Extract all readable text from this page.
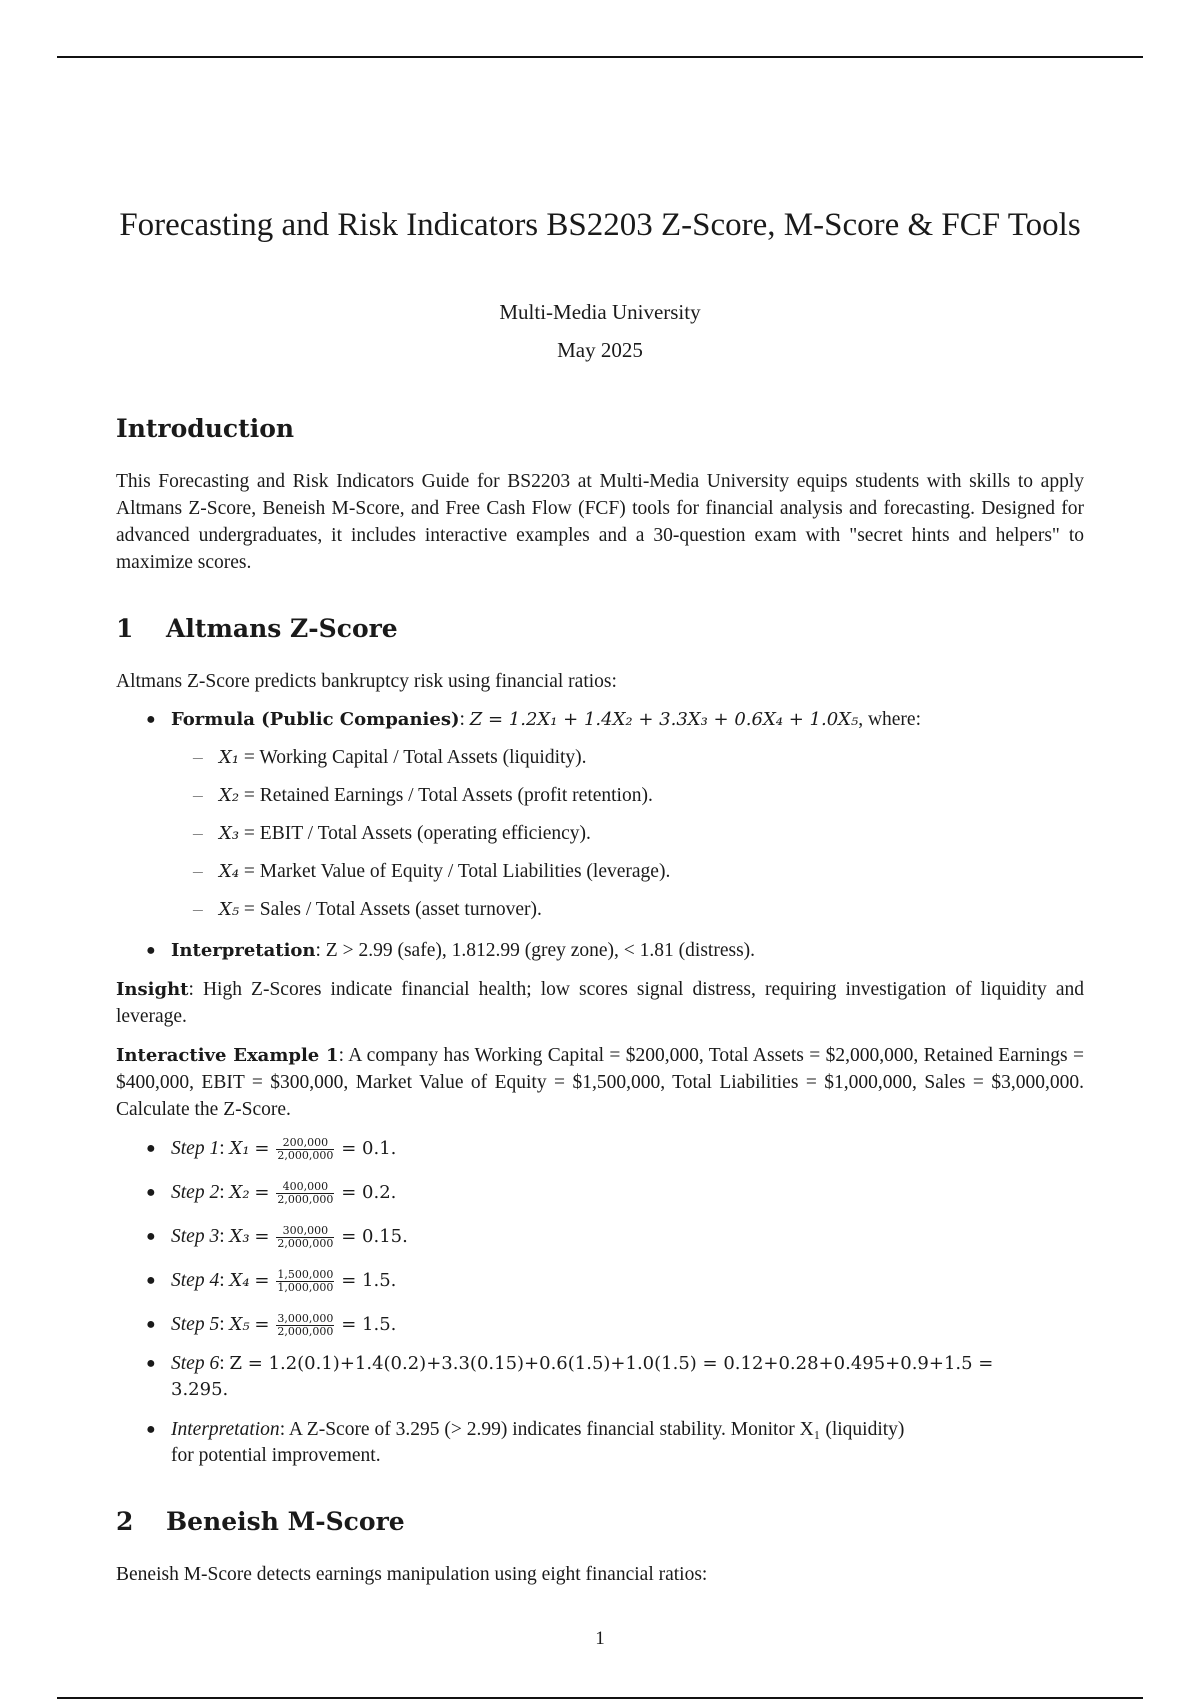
Forecasting and Risk Indicators BS2203 Z-Score, M-Score & FCF Tools
Multi-Media University
May 2025
Introduction

This Forecasting and Risk Indicators Guide for BS2203 at Multi-Media University equips students with skills to apply Altmans Z-Score, Beneish M-Score, and Free Cash Flow (FCF) tools for financial analysis and forecasting. Designed for advanced undergraduates, it includes interactive examples and a 30-question exam with "secret hints and helpers" to maximize scores.

1 Altmans Z-Score

Altmans Z-Score predicts bankruptcy risk using financial ratios:

● Formula (Public Companies): Z = 1.2X₁ + 1.4X₂ + 3.3X₃ + 0.6X₄ + 1.0X₅, where:
– X₁ = Working Capital / Total Assets (liquidity).
– X₂ = Retained Earnings / Total Assets (profit retention).
– X₃ = EBIT / Total Assets (operating efficiency).
– X₄ = Market Value of Equity / Total Liabilities (leverage).
– X₅ = Sales / Total Assets (asset turnover).
● Interpretation: Z > 2.99 (safe), 1.812.99 (grey zone), < 1.81 (distress).

Insight: High Z-Scores indicate financial health; low scores signal distress, requiring investigation of liquidity and leverage.

Interactive Example 1: A company has Working Capital = $200,000, Total Assets = $2,000,000, Retained Earnings = $400,000, EBIT = $300,000, Market Value of Equity = $1,500,000, Total Liabilities = $1,000,000, Sales = $3,000,000. Calculate the Z-Score.

● Step 1: $X_1 = \frac{200,000}{2,000,000} = 0.1$.
● Step 2: $X_2 = \frac{400,000}{2,000,000} = 0.2$.
● Step 3: $X_3 = \frac{300,000}{2,000,000} = 0.15$.
● Step 4: $X_4 = \frac{1,500,000}{1,000,000} = 1.5$.
● Step 5: $X_5 = \frac{3,000,000}{2,000,000} = 1.5$.
● Step 6: Z = 1.2(0.1)+1.4(0.2)+3.3(0.15)+0.6(1.5)+1.0(1.5) = 0.12+0.28+0.495+0.9+1.5 =
3.295.
● Interpretation: A Z-Score of 3.295 (> 2.99) indicates financial stability. Monitor X₁ (liquidity)
for potential improvement.
2 Beneish M-Score

Beneish M-Score detects earnings manipulation using eight financial ratios:

1
